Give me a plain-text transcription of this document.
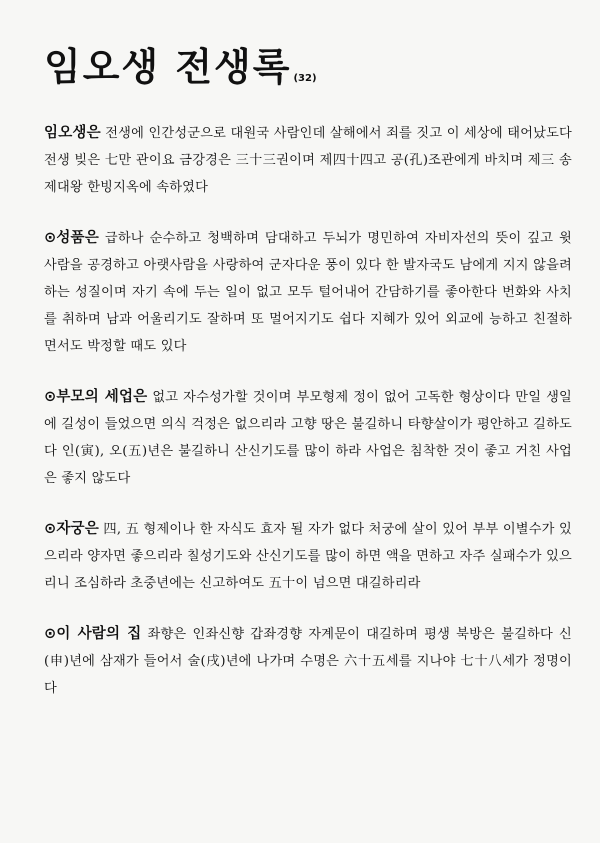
임오생 전생록 (32)

임오생은 전생에 인간성군으로 대원국 사람인데 살해에서 죄를 짓고 이 세상에 태어났도다 전생 빚은 七만 관이요 금강경은 三十三권이며 제四十四고 공(孔)조관에게 바치며 제三 송제대왕 한빙지옥에 속하였다

⊙성품은 급하나 순수하고 청백하며 담대하고 두뇌가 명민하여 자비자선의 뜻이 깊고 윗 사람을 공경하고 아랫사람을 사랑하여 군자다운 풍이 있다 한 발자국도 남에게 지지 않을려하는 성질이며 자기 속에 두는 일이 없고 모두 털어내어 간담하기를 좋아한다 번화와 사치를 취하며 남과 어울리기도 잘하며 또 멀어지기도 쉽다 지혜가 있어 외교에 능하고 친절하면서도 박정할 때도 있다

⊙부모의 세업은 없고 자수성가할 것이며 부모형제 정이 없어 고독한 형상이다 만일 생일에 길성이 들었으면 의식 걱정은 없으리라 고향 땅은 불길하니 타향살이가 평안하고 길하도다 인(寅), 오(五)년은 불길하니 산신기도를 많이 하라 사업은 침착한 것이 좋고 거친 사업은 좋지 않도다

⊙자궁은 四, 五 형제이나 한 자식도 효자 될 자가 없다 처궁에 살이 있어 부부 이별수가 있으리라 양자면 좋으리라 칠성기도와 산신기도를 많이 하면 액을 면하고 자주 실패수가 있으리니 조심하라 초중년에는 신고하여도 五十이 넘으면 대길하리라

⊙이 사람의 집 좌향은 인좌신향 갑좌경향 자계문이 대길하며 평생 북방은 불길하다 신(申)년에 삼재가 들어서 술(戌)년에 나가며 수명은 六十五세를 지나야 七十八세가 정명이다
